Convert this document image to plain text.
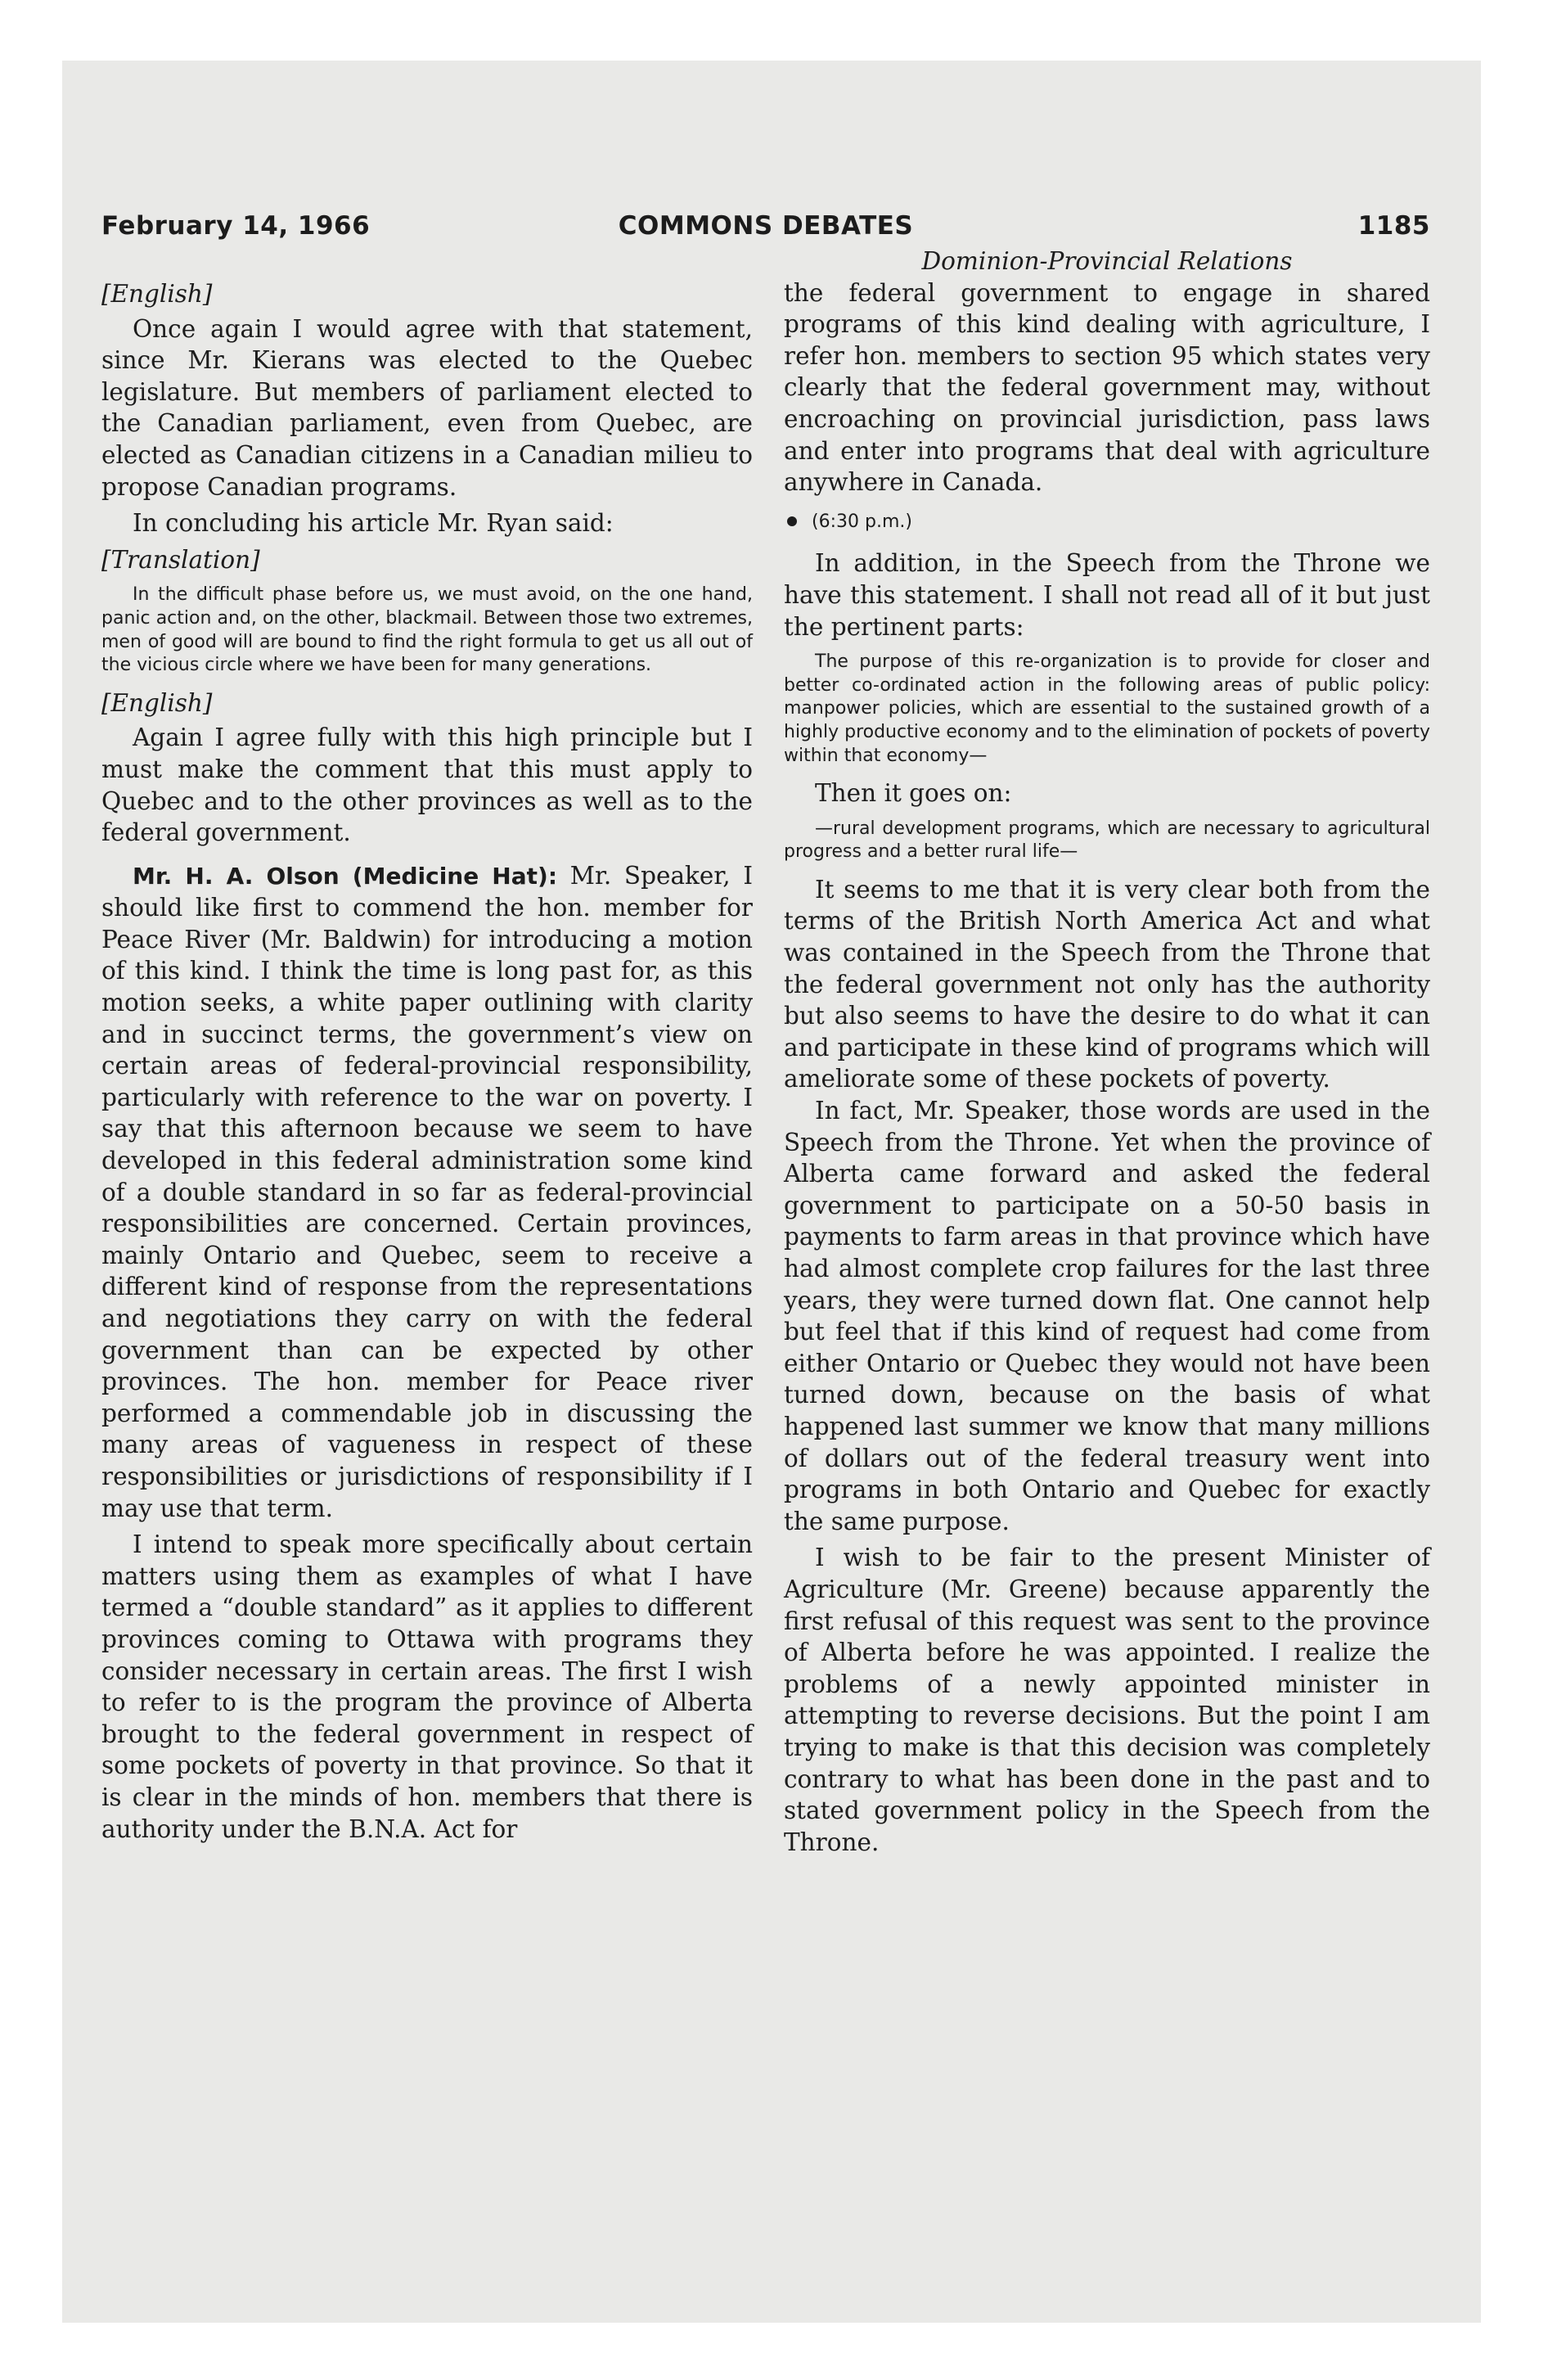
February 14, 1966	COMMONS DEBATES	1185

[English]

Once again I would agree with that statement, since Mr. Kierans was elected to the Quebec legislature. But members of parliament elected to the Canadian parliament, even from Quebec, are elected as Canadian citizens in a Canadian milieu to propose Canadian programs.

In concluding his article Mr. Ryan said:

[Translation]

In the difficult phase before us, we must avoid, on the one hand, panic action and, on the other, blackmail. Between those two extremes, men of good will are bound to find the right formula to get us all out of the vicious circle where we have been for many generations.

[English]

Again I agree fully with this high principle but I must make the comment that this must apply to Quebec and to the other provinces as well as to the federal government.

Mr. H. A. Olson (Medicine Hat): Mr. Speaker, I should like first to commend the hon. member for Peace River (Mr. Baldwin) for introducing a motion of this kind. I think the time is long past for, as this motion seeks, a white paper outlining with clarity and in succinct terms, the government’s view on certain areas of federal-provincial responsibility, particularly with reference to the war on poverty. I say that this afternoon because we seem to have developed in this federal administration some kind of a double standard in so far as federal-provincial responsibilities are concerned. Certain provinces, mainly Ontario and Quebec, seem to receive a different kind of response from the representations and negotiations they carry on with the federal government than can be expected by other provinces. The hon. member for Peace river performed a commendable job in discussing the many areas of vagueness in respect of these responsibilities or jurisdictions of responsibility if I may use that term.

I intend to speak more specifically about certain matters using them as examples of what I have termed a “double standard” as it applies to different provinces coming to Ottawa with programs they consider necessary in certain areas. The first I wish to refer to is the program the province of Alberta brought to the federal government in respect of some pockets of poverty in that province. So that it is clear in the minds of hon. members that there is authority under the B.N.A. Act for

Dominion-Provincial Relations

the federal government to engage in shared programs of this kind dealing with agriculture, I refer hon. members to section 95 which states very clearly that the federal government may, without encroaching on provincial jurisdiction, pass laws and enter into programs that deal with agriculture anywhere in Canada.

(6:30 p.m.)

In addition, in the Speech from the Throne we have this statement. I shall not read all of it but just the pertinent parts:

The purpose of this re-organization is to provide for closer and better co-ordinated action in the following areas of public policy: manpower policies, which are essential to the sustained growth of a highly productive economy and to the elimination of pockets of poverty within that economy—

Then it goes on:

—rural development programs, which are necessary to agricultural progress and a better rural life—

It seems to me that it is very clear both from the terms of the British North America Act and what was contained in the Speech from the Throne that the federal government not only has the authority but also seems to have the desire to do what it can and participate in these kind of programs which will ameliorate some of these pockets of poverty.

In fact, Mr. Speaker, those words are used in the Speech from the Throne. Yet when the province of Alberta came forward and asked the federal government to participate on a 50-50 basis in payments to farm areas in that province which have had almost complete crop failures for the last three years, they were turned down flat. One cannot help but feel that if this kind of request had come from either Ontario or Quebec they would not have been turned down, because on the basis of what happened last summer we know that many millions of dollars out of the federal treasury went into programs in both Ontario and Quebec for exactly the same purpose.

I wish to be fair to the present Minister of Agriculture (Mr. Greene) because apparently the first refusal of this request was sent to the province of Alberta before he was appointed. I realize the problems of a newly appointed minister in attempting to reverse decisions. But the point I am trying to make is that this decision was completely contrary to what has been done in the past and to stated government policy in the Speech from the Throne.
